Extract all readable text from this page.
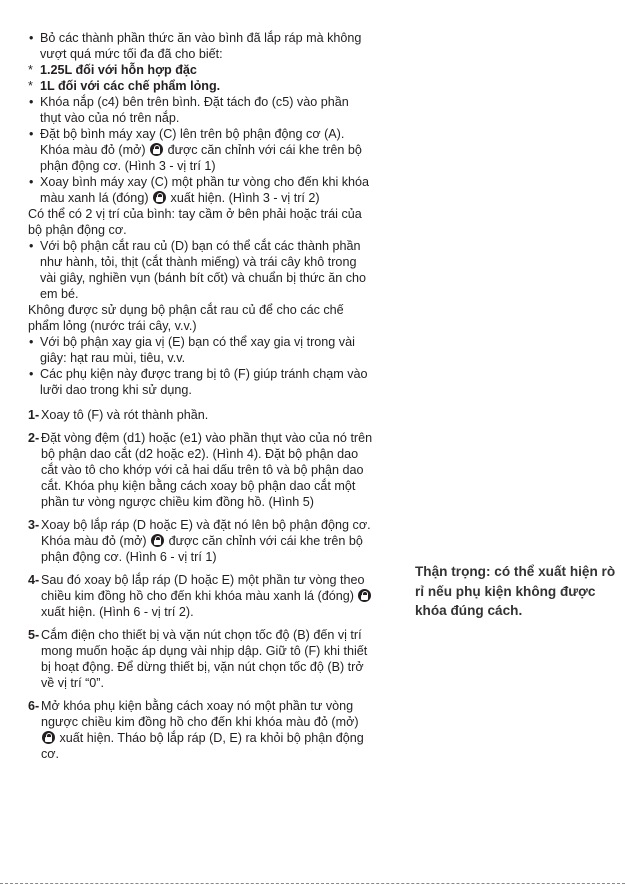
• Bỏ các thành phần thức ăn vào bình đã lắp ráp mà không vượt quá mức tối đa đã cho biết:

* 1.25L đối với hỗn hợp đặc

* 1L đối với các chế phẩm lỏng.

• Khóa nắp (c4) bên trên bình. Đặt tách đo (c5) vào phần thụt vào của nó trên nắp.

• Đặt bộ bình máy xay (C) lên trên bộ phận động cơ (A). Khóa màu đỏ (mở) được căn chỉnh với cái khe trên bộ phận động cơ. (Hình 3 - vị trí 1)

• Xoay bình máy xay (C) một phần tư vòng cho đến khi khóa màu xanh lá (đóng) xuất hiện. (Hình 3 - vị trí 2)

Có thể có 2 vị trí của bình: tay cầm ở bên phải hoặc trái của bộ phận động cơ.

• Với bộ phận cắt rau củ (D) bạn có thể cắt các thành phần như hành, tỏi, thịt (cắt thành miếng) và trái cây khô trong vài giây, nghiền vụn (bánh bít cốt) và chuẩn bị thức ăn cho em bé.

Không được sử dụng bộ phận cắt rau củ để cho các chế phẩm lỏng (nước trái cây, v.v.)

• Với bộ phận xay gia vị (E) bạn có thể xay gia vị trong vài giây: hạt rau mùi, tiêu, v.v.

• Các phụ kiện này được trang bị tô (F) giúp tránh chạm vào lưỡi dao trong khi sử dụng.

1- Xoay tô (F) và rót thành phần.

2- Đặt vòng đệm (d1) hoặc (e1) vào phần thụt vào của nó trên bộ phận dao cắt (d2 hoặc e2). (Hình 4). Đặt bộ phận dao cắt vào tô cho khớp với cả hai dấu trên tô và bộ phận dao cắt. Khóa phụ kiện bằng cách xoay bộ phận dao cắt một phần tư vòng ngược chiều kim đồng hồ. (Hình 5)

3- Xoay bộ lắp ráp (D hoặc E) và đặt nó lên bộ phận động cơ. Khóa màu đỏ (mở) được căn chỉnh với cái khe trên bộ phận động cơ. (Hình 6 - vị trí 1)

4- Sau đó xoay bộ lắp ráp (D hoặc E) một phần tư vòng theo chiều kim đồng hồ cho đến khi khóa màu xanh lá (đóng)  xuất hiện. (Hình 6 - vị trí 2).

5- Cắm điện cho thiết bị và vặn nút chọn tốc độ (B) đến vị trí mong muốn hoặc áp dụng vài nhịp dập. Giữ tô (F) khi thiết bị hoạt động. Để dừng thiết bị, vặn nút chọn tốc độ (B) trở về vị trí “0”.

6- Mở khóa phụ kiện bằng cách xoay nó một phần tư vòng ngược chiều kim đồng hồ cho đến khi khóa màu đỏ (mở)  xuất hiện. Tháo bộ lắp ráp (D, E) ra khỏi bộ phận động cơ.

Thận trọng: có thể xuất hiện rò rỉ nếu phụ kiện không được khóa đúng cách.
